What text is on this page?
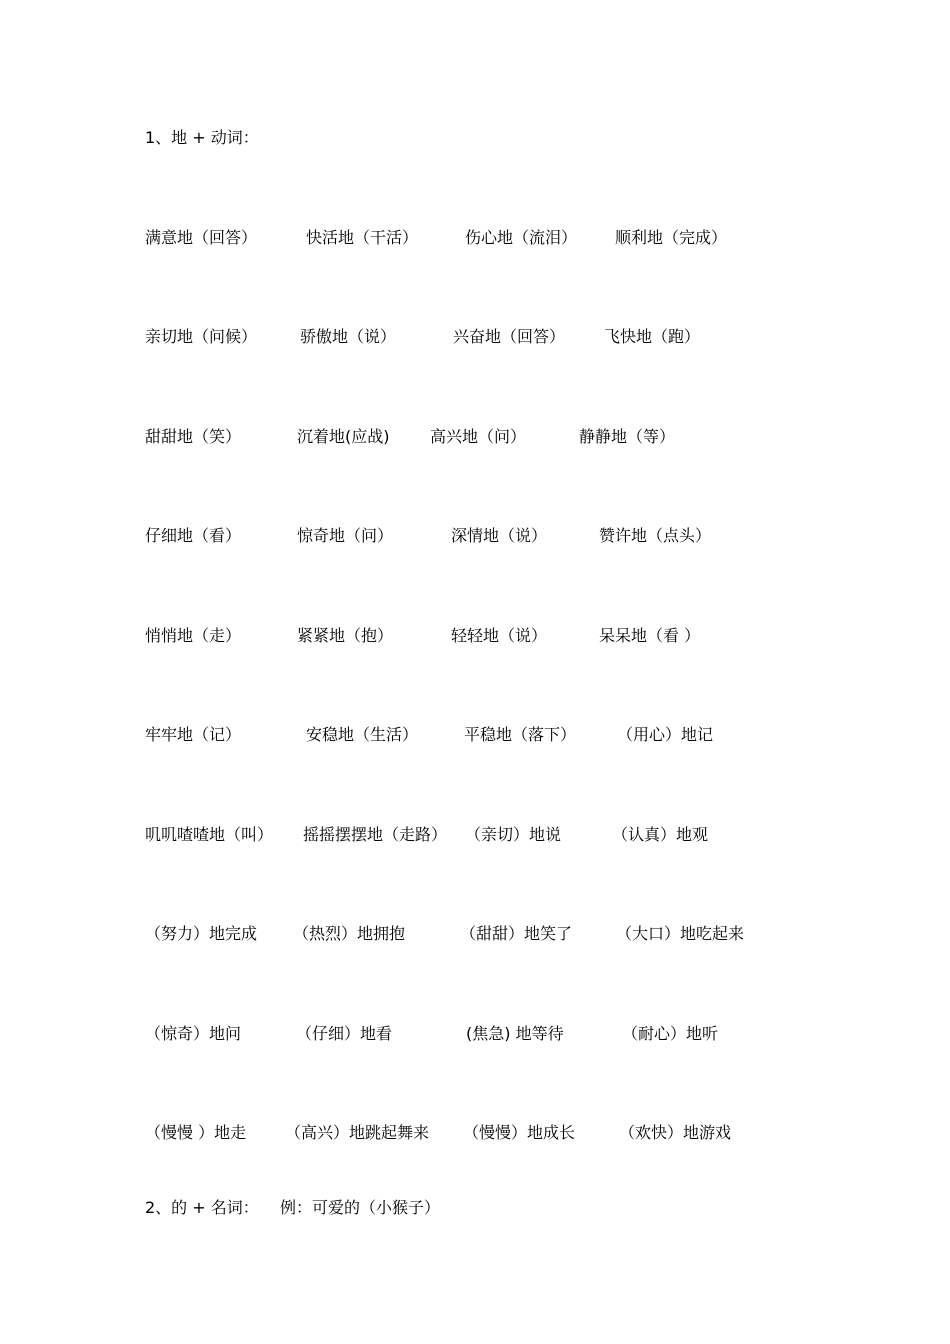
1、地 + 动词：
满意地（回答）	快活地（干活）	伤心地（流泪） 顺利地（完成）
亲切地（问候）	骄傲地（说）	兴奋地（回答） 飞快地（跑）
甜甜地（笑）	沉着地(应战)	高兴地（问）	静静地（等）
仔细地（看）	惊奇地（问）	深情地（说）	赞许地（点头）
悄悄地（走）	紧紧地（抱）	轻轻地（说）	呆呆地（看 ）
牢牢地（记）	安稳地（生活）	平稳地（落下）	（用心）地记
叽叽喳喳地（叫） 摇摇摆摆地（走路） （亲切）地说	（认真）地观
（努力）地完成 （热烈）地拥抱	（甜甜）地笑了	（大口）地吃起来
（惊奇）地问	（仔细）地看	(焦急) 地等待	（耐心）地听
（慢慢 ）地走 （高兴）地跳起舞来 （慢慢）地成长	（欢快）地游戏
2、的 + 名词： 例：可爱的（小猴子）
